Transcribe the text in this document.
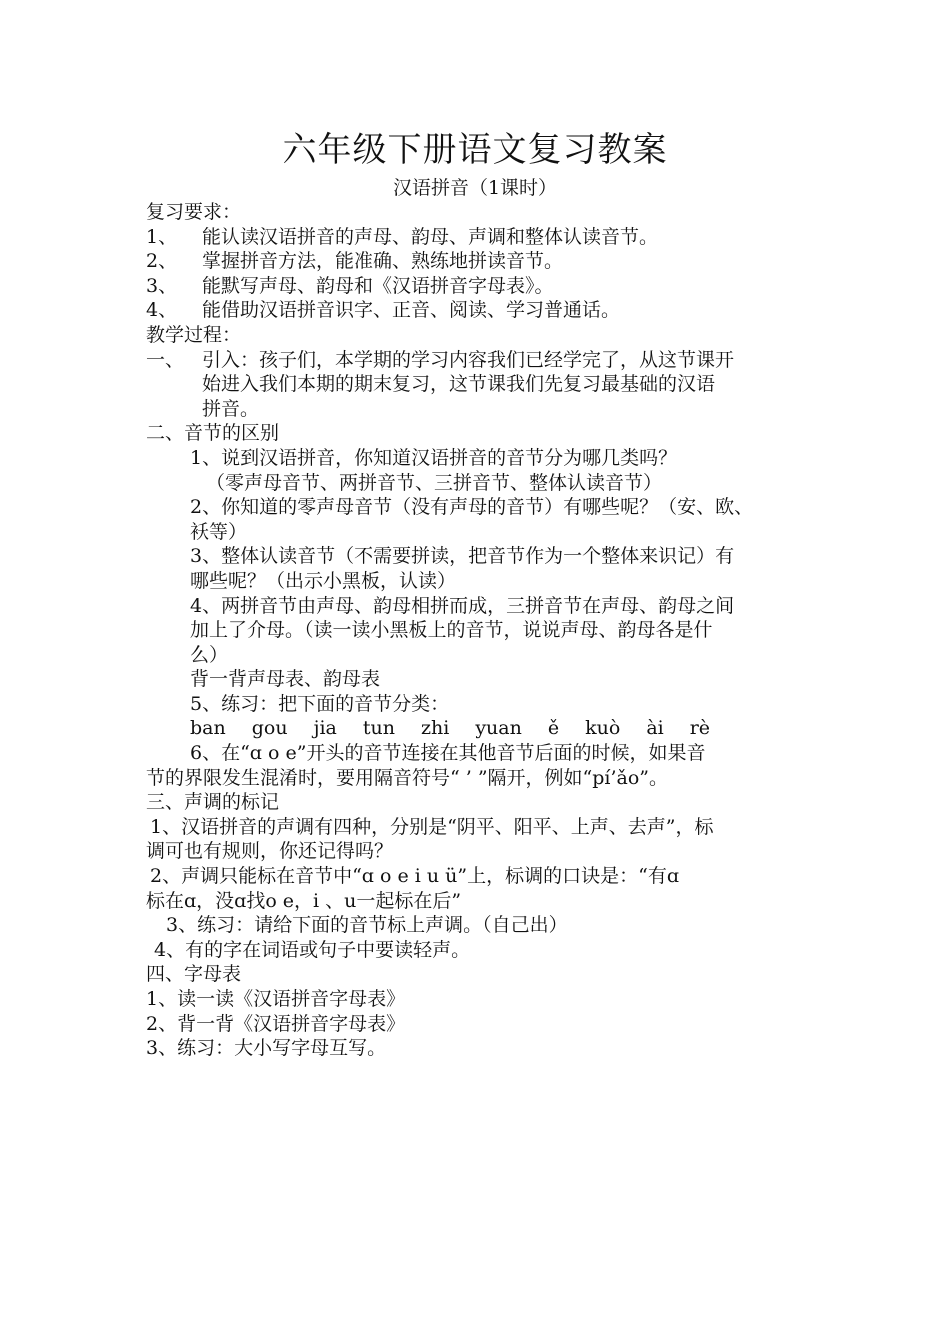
六年级下册语文复习教案
汉语拼音（1课时）
复习要求：
1、 能认读汉语拼音的声母、韵母、声调和整体认读音节。
2、 掌握拼音方法，能准确、熟练地拼读音节。
3、 能默写声母、韵母和《汉语拼音字母表》。
4、 能借助汉语拼音识字、正音、阅读、学习普通话。
教学过程：
一、 引入：孩子们，本学期的学习内容我们已经学完了，从这节课开
始进入我们本期的期末复习，这节课我们先复习最基础的汉语
拼音。
二、音节的区别
1、说到汉语拼音，你知道汉语拼音的音节分为哪几类吗？
（零声母音节、两拼音节、三拼音节、整体认读音节）
2、你知道的零声母音节（没有声母的音节）有哪些呢？（安、欧、
袄等）
3、整体认读音节（不需要拼读，把音节作为一个整体来识记）有
哪些呢？（出示小黑板，认读）
4、两拼音节由声母、韵母相拼而成，三拼音节在声母、韵母之间
加上了介母。（读一读小黑板上的音节，说说声母、韵母各是什
么）
背一背声母表、韵母表
5、练习：把下面的音节分类：
ban gou jia tun zhi yuan ě kuò ài rè
6、在“ɑ o e”开头的音节连接在其他音节后面的时候，如果音
节的界限发生混淆时，要用隔音符号“ ’ ”隔开，例如“pí’ǎo”。
三、声调的标记
1、汉语拼音的声调有四种，分别是“阴平、阳平、上声、去声”，标
调可也有规则，你还记得吗？
2、声调只能标在音节中“ɑ o e i u ü”上，标调的口诀是：“有ɑ
标在ɑ，没ɑ找o e，i 、u一起标在后”
3、练习：请给下面的音节标上声调。（自己出）
4、有的字在词语或句子中要读轻声。
四、字母表
1、读一读《汉语拼音字母表》
2、背一背《汉语拼音字母表》
3、练习：大小写字母互写。
